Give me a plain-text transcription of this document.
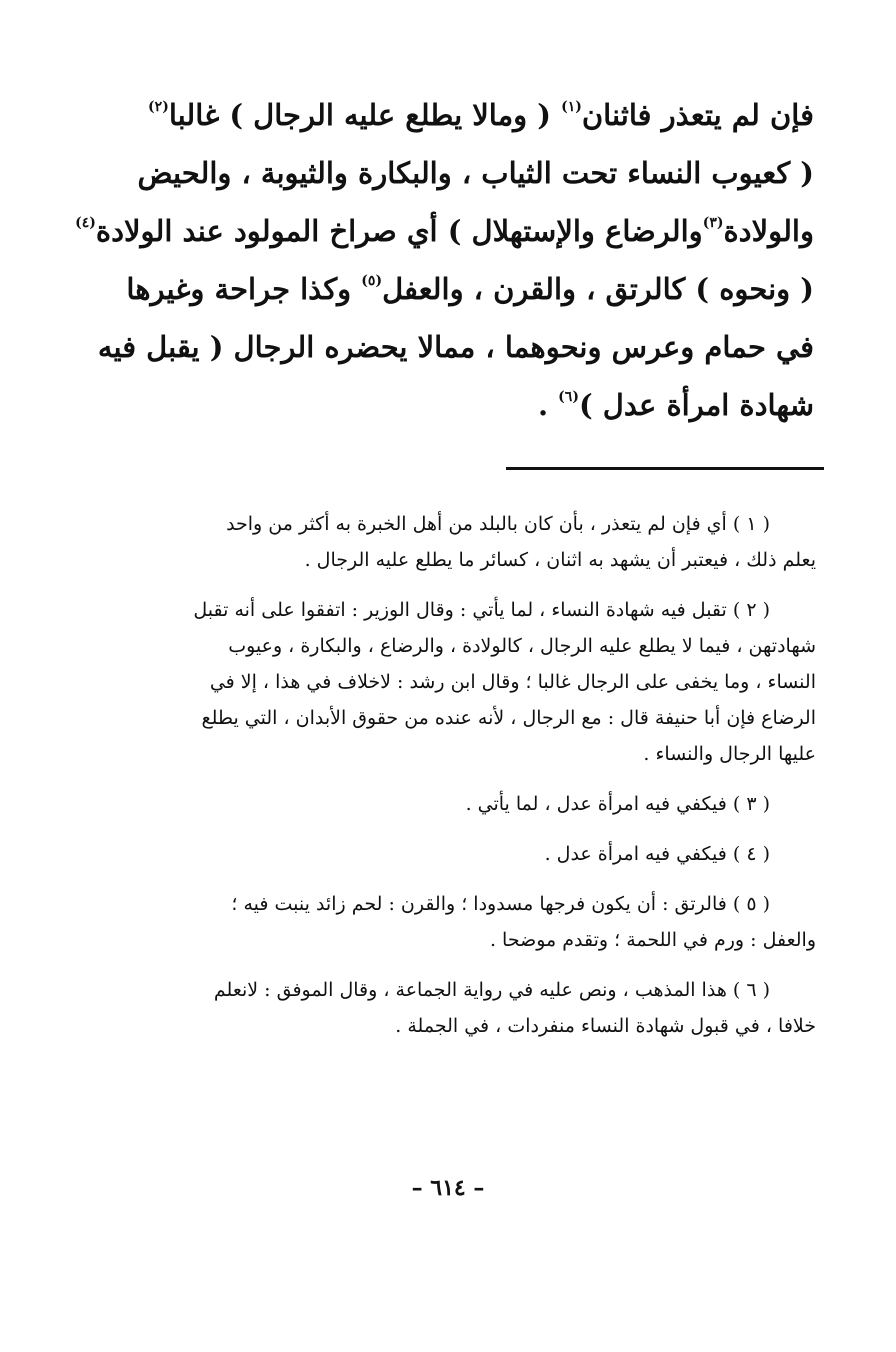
فإن لم يتعذر فاثنان$^{(١)}$ ( ومالا يطلع عليه الرجال ) غالبا$^{(٢)}$
( كعيوب النساء تحت الثياب ، والبكارة والثيوبة ، والحيض
والولادة$^{(٣)}$والرضاع والإستهلال ) أي صراخ المولود عند الولادة$^{(٤)}$
( ونحوه ) كالرتق ، والقرن ، والعفل$^{(٥)}$ وكذا جراحة وغيرها
في حمام وعرس ونحوهما ، ممالا يحضره الرجال ( يقبل فيه
شهادة امرأة عدل )$^{(٦)}$ .
( ١ ) أي فإن لم يتعذر ، بأن كان بالبلد من أهل الخبرة به أكثر من واحد
يعلم ذلك ، فيعتبر أن يشهد به اثنان ، كسائر ما يطلع عليه الرجال .
( ٢ ) تقبل فيه شهادة النساء ، لما يأتي : وقال الوزير : اتفقوا على أنه تقبل
شهادتهن ، فيما لا يطلع عليه الرجال ، كالولادة ، والرضاع ، والبكارة ، وعيوب
النساء ، وما يخفى على الرجال غالبا ؛ وقال ابن رشد : لاخلاف في هذا ، إلا في
الرضاع فإن أبا حنيفة قال : مع الرجال ، لأنه عنده من حقوق الأبدان ، التي يطلع
عليها الرجال والنساء .
( ٣ ) فيكفي فيه امرأة عدل ، لما يأتي .
( ٤ ) فيكفي فيه امرأة عدل .
( ٥ ) فالرتق : أن يكون فرجها مسدودا ؛ والقرن : لحم زائد ينبت فيه ؛
والعفل : ورم في اللحمة ؛ وتقدم موضحا .
( ٦ ) هذا المذهب ، ونص عليه في رواية الجماعة ، وقال الموفق : لانعلم
خلافا ، في قبول شهادة النساء منفردات ، في الجملة .
– ٦١٤ –
